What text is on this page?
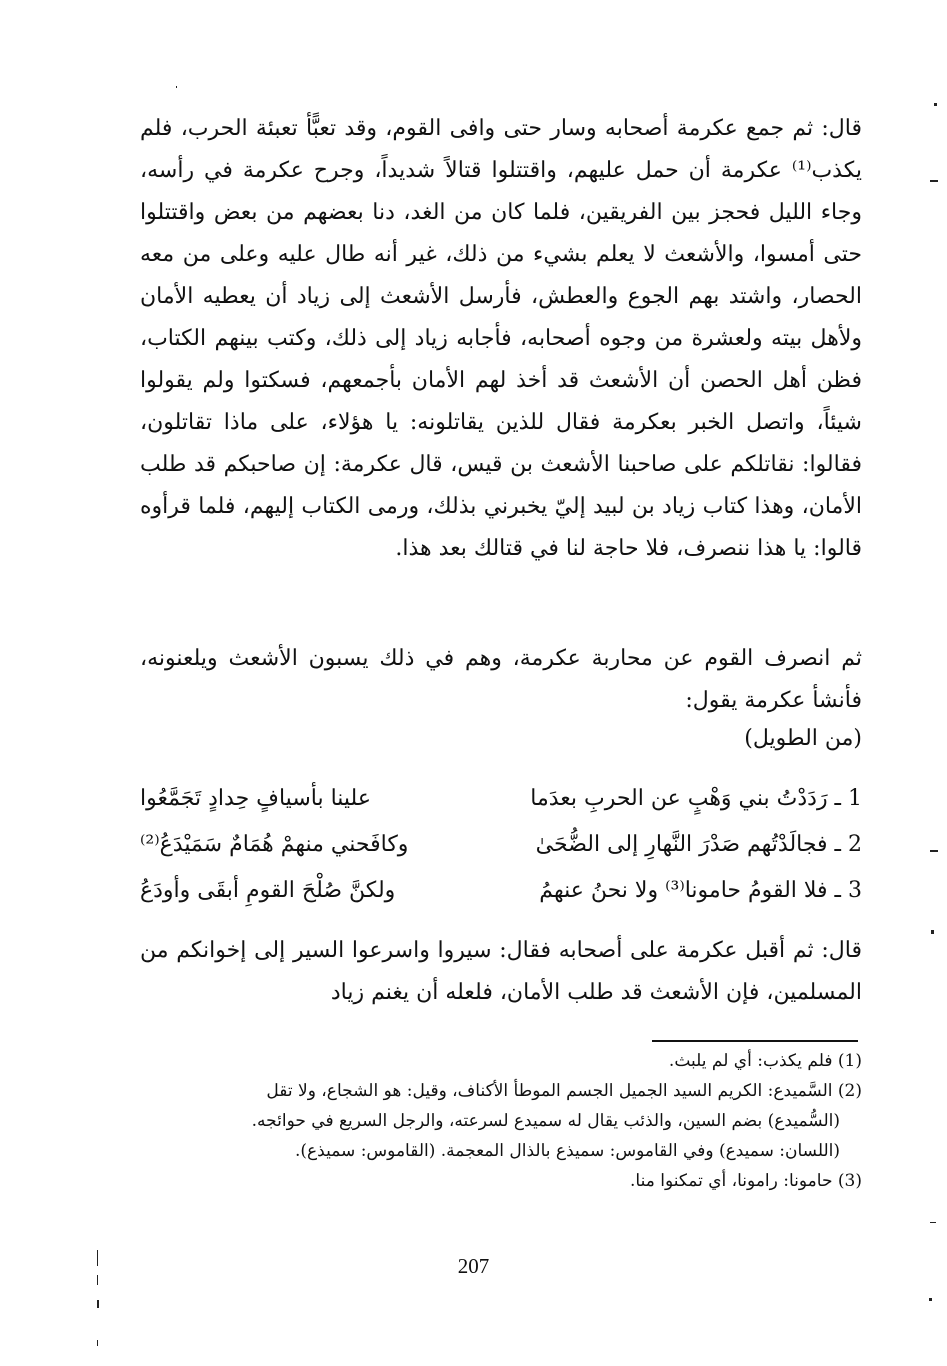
قال: ثم جمع عكرمة أصحابه وسار حتى وافى القوم، وقد تعبًّأ تعبئة الحرب، فلم يكذب⁽¹⁾ عكرمة أن حمل عليهم، واقتتلوا قتالاً شديداً، وجرح عكرمة في رأسه، وجاء الليل فحجز بين الفريقين، فلما كان من الغد، دنا بعضهم من بعض واقتتلوا حتى أمسوا، والأشعث لا يعلم بشيء من ذلك، غير أنه طال عليه وعلى من معه الحصار، واشتد بهم الجوع والعطش، فأرسل الأشعث إلى زياد أن يعطيه الأمان ولأهل بيته ولعشرة من وجوه أصحابه، فأجابه زياد إلى ذلك، وكتب بينهم الكتاب، فظن أهل الحصن أن الأشعث قد أخذ لهم الأمان بأجمعهم، فسكتوا ولم يقولوا شيئاً، واتصل الخبر بعكرمة فقال للذين يقاتلونه: يا هؤلاء، على ماذا تقاتلون، فقالوا: نقاتلكم على صاحبنا الأشعث بن قيس، قال عكرمة: إن صاحبكم قد طلب الأمان، وهذا كتاب زياد بن لبيد إليّ يخبرني بذلك، ورمى الكتاب إليهم، فلما قرأوه قالوا: يا هذا ننصرف، فلا حاجة لنا في قتالك بعد هذا.

ثم انصرف القوم عن محاربة عكرمة، وهم في ذلك يسبون الأشعث ويلعنونه، فأنشأ عكرمة يقول:

(من الطويل)
1 ـ رَدَدْتُ بني وَهْبٍ عن الحربِ بعدَما
علينا بأسيافٍ حِدادٍ تَجَمَّعُوا
2 ـ فجالَدْتُهم صَدْرَ النَّهارِ إلى الضُّحَىٰ
وكافَحني منهمْ هُمَامٌ سَمَيْدَعُ⁽²⁾
3 ـ فلا القومُ حامونا⁽³⁾ ولا نحنُ عنهمُ
ولكنَّ صُلْحَ القومِ أبقَى وأودَعُ

قال: ثم أقبل عكرمة على أصحابه فقال: سيروا واسرعوا السير إلى إخوانكم من المسلمين، فإن الأشعث قد طلب الأمان، فلعله أن يغنم زياد

(1) فلم يكذب: أي لم يلبث.

(2) السَّميدع: الكريم السيد الجميل الجسم الموطأ الأكناف، وقيل: هو الشجاع، ولا تقل

(السُّميدع) بضم السين، والذئب يقال له سميدع لسرعته، والرجل السريع في حوائجه.

(اللسان: سميدع) وفي القاموس: سميذع بالذال المعجمة. (القاموس: سميذع).

(3) حامونا: رامونا، أي تمكنوا منا.

207
